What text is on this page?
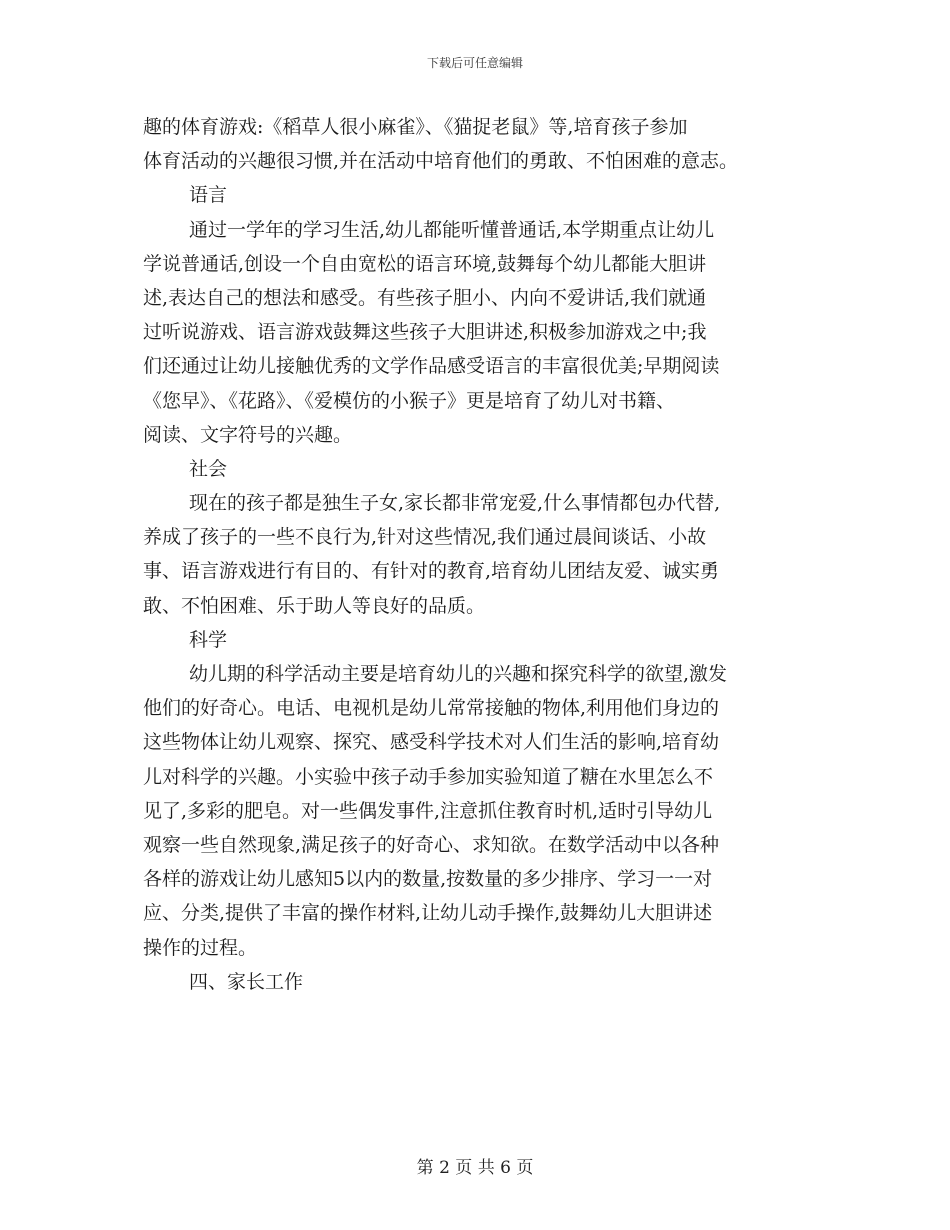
下载后可任意编辑
趣的体育游戏:《稻草人很小麻雀》、《猫捉老鼠》等,培育孩子参加
体育活动的兴趣很习惯,并在活动中培育他们的勇敢、不怕困难的意志。
语言
通过一学年的学习生活,幼儿都能听懂普通话,本学期重点让幼儿
学说普通话,创设一个自由宽松的语言环境,鼓舞每个幼儿都能大胆讲
述,表达自己的想法和感受。有些孩子胆小、内向不爱讲话,我们就通
过听说游戏、语言游戏鼓舞这些孩子大胆讲述,积极参加游戏之中;我
们还通过让幼儿接触优秀的文学作品感受语言的丰富很优美;早期阅读
《您早》、《花路》、《爱模仿的小猴子》更是培育了幼儿对书籍、
阅读、文字符号的兴趣。
社会
现在的孩子都是独生子女,家长都非常宠爱,什么事情都包办代替,
养成了孩子的一些不良行为,针对这些情况,我们通过晨间谈话、小故
事、语言游戏进行有目的、有针对的教育,培育幼儿团结友爱、诚实勇
敢、不怕困难、乐于助人等良好的品质。
科学
幼儿期的科学活动主要是培育幼儿的兴趣和探究科学的欲望,激发
他们的好奇心。电话、电视机是幼儿常常接触的物体,利用他们身边的
这些物体让幼儿观察、探究、感受科学技术对人们生活的影响,培育幼
儿对科学的兴趣。小实验中孩子动手参加实验知道了糖在水里怎么不
见了,多彩的肥皂。对一些偶发事件,注意抓住教育时机,适时引导幼儿
观察一些自然现象,满足孩子的好奇心、求知欲。在数学活动中以各种
各样的游戏让幼儿感知5以内的数量,按数量的多少排序、学习一一对
应、分类,提供了丰富的操作材料,让幼儿动手操作,鼓舞幼儿大胆讲述
操作的过程。
四、家长工作
第 2 页 共 6 页
